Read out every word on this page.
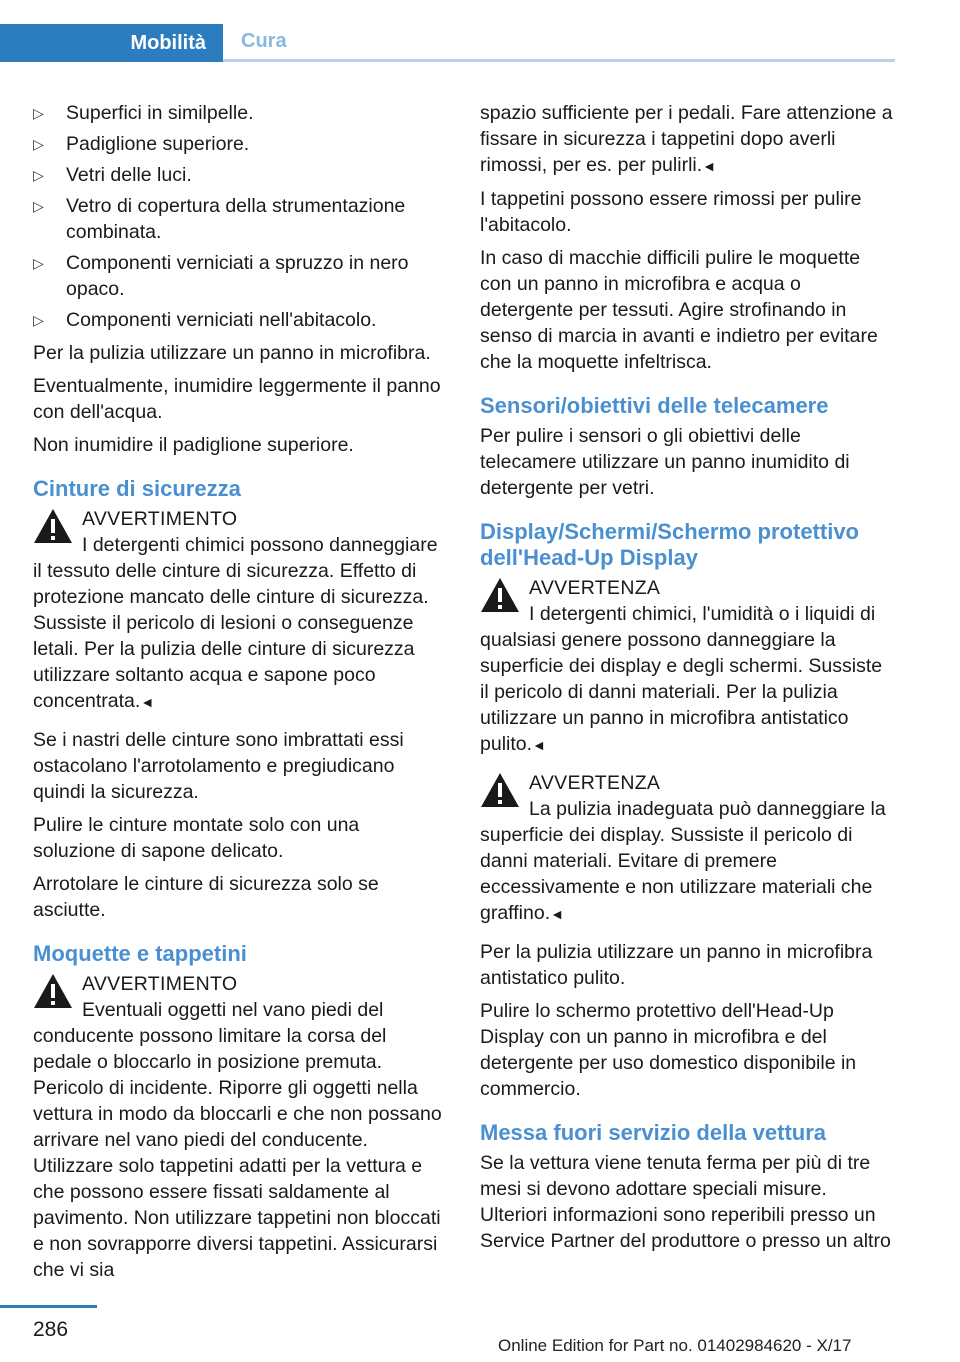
Mobilità	Cura
▷ Superfici in similpelle.
▷ Padiglione superiore.
▷ Vetri delle luci.
▷ Vetro di copertura della strumentazione combinata.
▷ Componenti verniciati a spruzzo in nero opaco.
▷ Componenti verniciati nell'abitacolo.

Per la pulizia utilizzare un panno in microfibra.

Eventualmente, inumidire leggermente il panno con dell'acqua.

Non inumidire il padiglione superiore.

Cinture di sicurezza
AVVERTIMENTO
I detergenti chimici possono danneggiare il tessuto delle cinture di sicurezza. Effetto di protezione mancato delle cinture di sicurezza. Sussiste il pericolo di lesioni o conseguenze letali. Per la pulizia delle cinture di sicurezza utilizzare soltanto acqua e sapone poco concentrata.◄

Se i nastri delle cinture sono imbrattati essi ostacolano l'arrotolamento e pregiudicano quindi la sicurezza.

Pulire le cinture montate solo con una soluzione di sapone delicato.

Arrotolare le cinture di sicurezza solo se asciutte.

Moquette e tappetini
AVVERTIMENTO
Eventuali oggetti nel vano piedi del conducente possono limitare la corsa del pedale o bloccarlo in posizione premuta. Pericolo di incidente. Riporre gli oggetti nella vettura in modo da bloccarli e che non possano arrivare nel vano piedi del conducente. Utilizzare solo tappetini adatti per la vettura e che possono essere fissati saldamente al pavimento. Non utilizzare tappetini non bloccati e non sovrapporre diversi tappetini. Assicurarsi che vi sia

spazio sufficiente per i pedali. Fare attenzione a fissare in sicurezza i tappetini dopo averli rimossi, per es. per pulirli.◄

I tappetini possono essere rimossi per pulire l'abitacolo.

In caso di macchie difficili pulire le moquette con un panno in microfibra e acqua o detergente per tessuti. Agire strofinando in senso di marcia in avanti e indietro per evitare che la moquette infeltrisca.

Sensori/obiettivi delle telecamere

Per pulire i sensori o gli obiettivi delle telecamere utilizzare un panno inumidito di detergente per vetri.

Display/Schermi/Schermo protettivo dell'Head-Up Display
AVVERTENZA
I detergenti chimici, l'umidità o i liquidi di qualsiasi genere possono danneggiare la superficie dei display e degli schermi. Sussiste il pericolo di danni materiali. Per la pulizia utilizzare un panno in microfibra antistatico pulito.◄
AVVERTENZA
La pulizia inadeguata può danneggiare la superficie dei display. Sussiste il pericolo di danni materiali. Evitare di premere eccessivamente e non utilizzare materiali che graffino.◄

Per la pulizia utilizzare un panno in microfibra antistatico pulito.

Pulire lo schermo protettivo dell'Head-Up Display con un panno in microfibra e del detergente per uso domestico disponibile in commercio.

Messa fuori servizio della vettura

Se la vettura viene tenuta ferma per più di tre mesi si devono adottare speciali misure. Ulteriori informazioni sono reperibili presso un Service Partner del produttore o presso un altro

286
Online Edition for Part no. 01402984620 - X/17
